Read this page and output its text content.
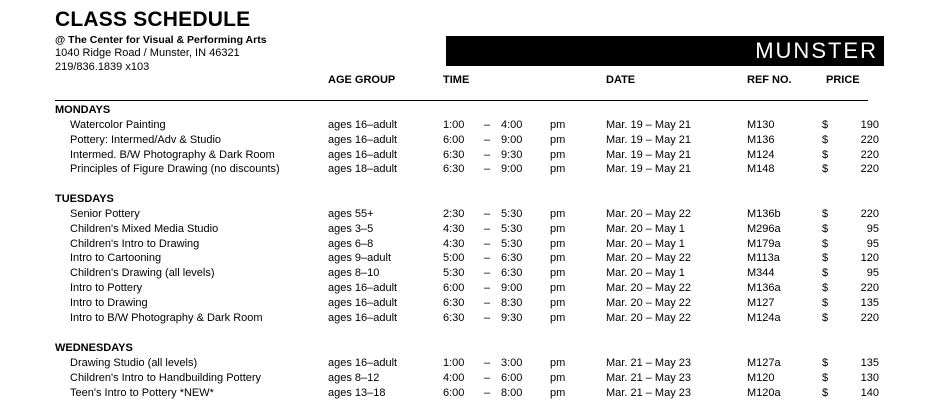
CLASS SCHEDULE
@ The Center for Visual & Performing Arts
1040 Ridge Road / Munster, IN 46321
219/836.1839 x103
MUNSTER
AGE GROUP	TIME	DATE	REF NO.	PRICE
MONDAYS
Watercolor Painting	ages 16–adult	1:00 – 4:00	pm	Mar. 19 – May 21	M130	$	190
Pottery: Intermed/Adv & Studio	ages 16–adult	6:00 – 9:00	pm	Mar. 19 – May 21	M136	$	220
Intermed. B/W Photography & Dark Room	ages 16–adult	6:30 – 9:30	pm	Mar. 19 – May 21	M124	$	220
Principles of Figure Drawing (no discounts)	ages 18–adult	6:30 – 9:00	pm	Mar. 19 – May 21	M148	$	220
TUESDAYS
Senior Pottery	ages 55+	2:30 – 5:30	pm	Mar. 20 – May 22	M136b	$	220
Children's Mixed Media Studio	ages 3–5	4:30 – 5:30	pm	Mar. 20 – May 1	M296a	$	95
Children's Intro to Drawing	ages 6–8	4:30 – 5:30	pm	Mar. 20 – May 1	M179a	$	95
Intro to Cartooning	ages 9–adult	5:00 – 6:30	pm	Mar. 20 – May 22	M113a	$	120
Children's Drawing (all levels)	ages 8–10	5:30 – 6:30	pm	Mar. 20 – May 1	M344	$	95
Intro to Pottery	ages 16–adult	6:00 – 9:00	pm	Mar. 20 – May 22	M136a	$	220
Intro to Drawing	ages 16–adult	6:30 – 8:30	pm	Mar. 20 – May 22	M127	$	135
Intro to B/W Photography & Dark Room	ages 16–adult	6:30 – 9:30	pm	Mar. 20 – May 22	M124a	$	220
WEDNESDAYS
Drawing Studio (all levels)	ages 16–adult	1:00 – 3:00	pm	Mar. 21 – May 23	M127a	$	135
Children's Intro to Handbuilding Pottery	ages 8–12	4:00 – 6:00	pm	Mar. 21 – May 23	M120	$	130
Teen's Intro to Pottery *NEW*	ages 13–18	6:00 – 8:00	pm	Mar. 21 – May 23	M120a	$	140
